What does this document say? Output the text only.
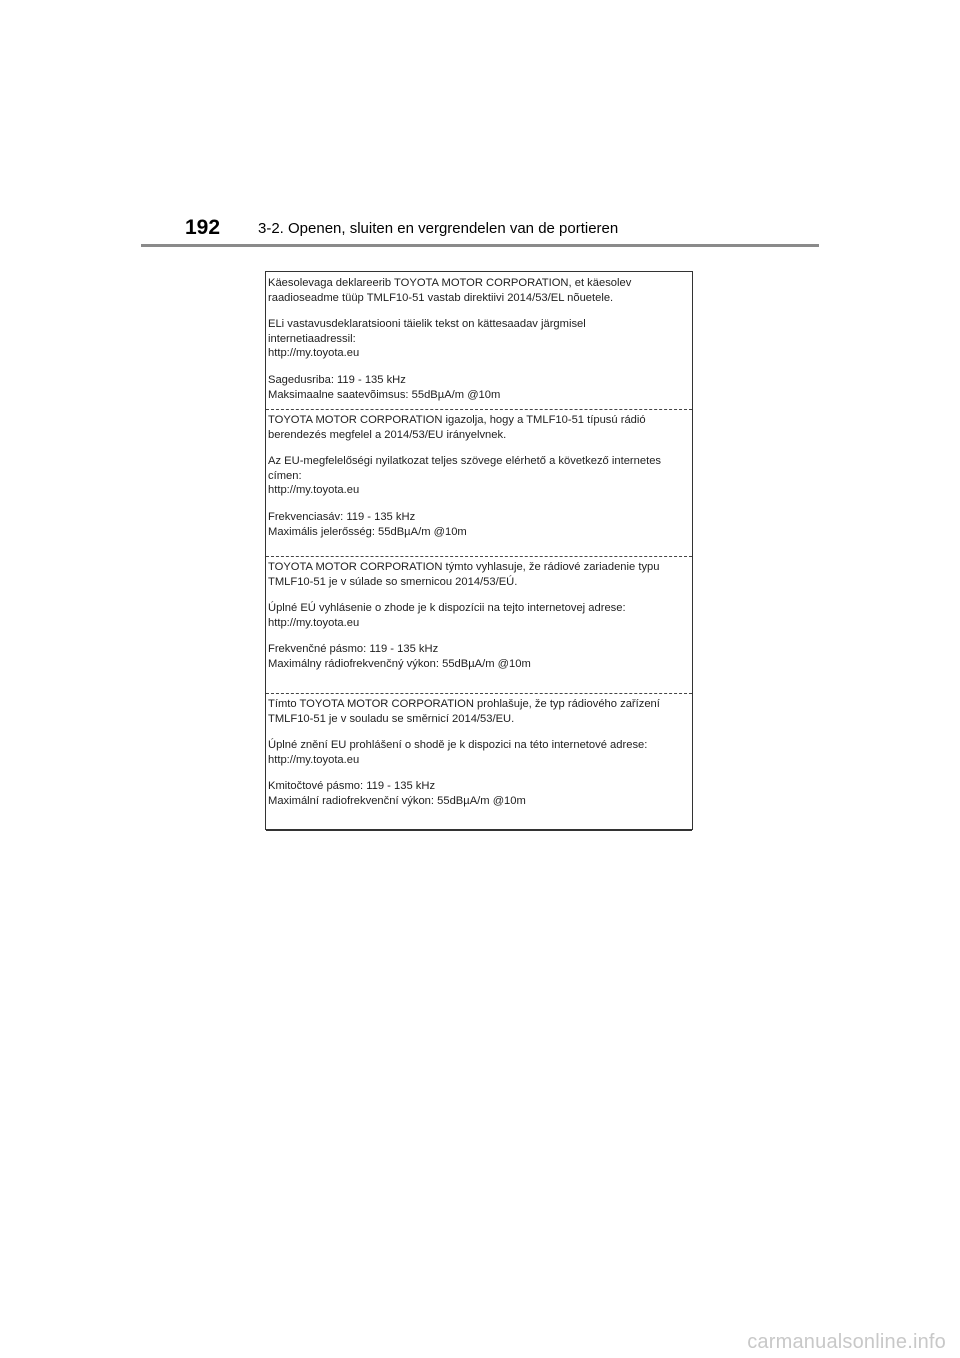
192	3-2. Openen, sluiten en vergrendelen van de portieren

Käesolevaga deklareerib TOYOTA MOTOR CORPORATION, et käesolev

raadioseadme tüüp TMLF10-51 vastab direktiivi 2014/53/EL nõuetele.

ELi vastavusdeklaratsiooni täielik tekst on kättesaadav järgmisel

internetiaadressil:

http://my.toyota.eu

Sagedusriba: 119 - 135 kHz

Maksimaalne saatevõimsus: 55dBµA/m @10m

TOYOTA MOTOR CORPORATION igazolja, hogy a TMLF10-51 típusú rádió

berendezés megfelel a 2014/53/EU irányelvnek.

Az EU-megfelelőségi nyilatkozat teljes szövege elérhető a következő internetes

címen:

http://my.toyota.eu

Frekvenciasáv: 119 - 135 kHz

Maximális jelerősség: 55dBµA/m @10m

TOYOTA MOTOR CORPORATION týmto vyhlasuje, že rádiové zariadenie typu

TMLF10-51 je v súlade so smernicou 2014/53/EÚ.

Úplné EÚ vyhlásenie o zhode je k dispozícii na tejto internetovej adrese:

http://my.toyota.eu

Frekvenčné pásmo: 119 - 135 kHz

Maximálny rádiofrekvenčný výkon: 55dBµA/m @10m

Tímto TOYOTA MOTOR CORPORATION prohlašuje, že typ rádiového zařízení

TMLF10-51 je v souladu se směrnicí 2014/53/EU.

Úplné znění EU prohlášení o shodě je k dispozici na této internetové adrese:

http://my.toyota.eu

Kmitočtové pásmo: 119 - 135 kHz

Maximální radiofrekvenční výkon: 55dBµA/m @10m

carmanualsonline.info
